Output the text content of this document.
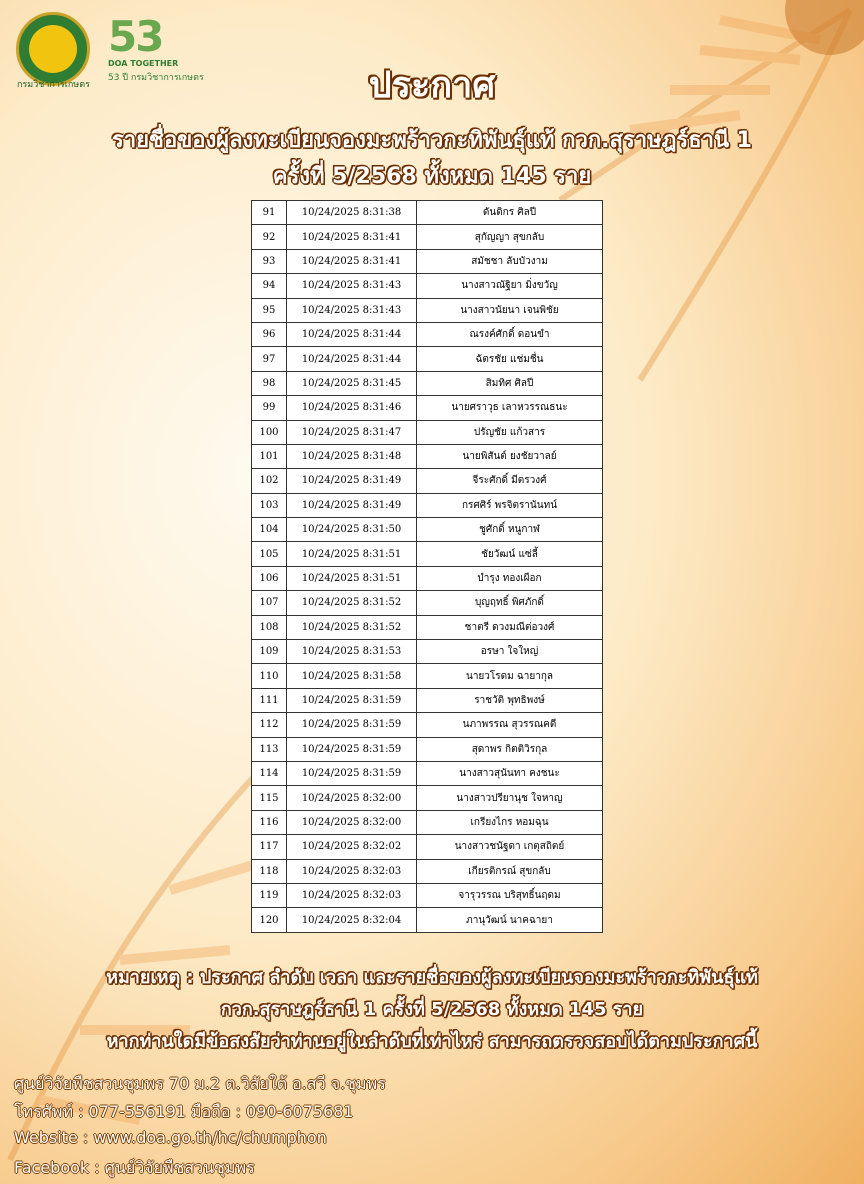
กรมวิชาการเกษตร
53
DOA TOGETHER
53 ปี กรมวิชาการเกษตร	ประกาศ
รายชื่อของผู้ลงทะเบียนจองมะพร้าวกะทิพันธุ์แท้ กวก.สุราษฎร์ธานี 1
ครั้งที่ 5/2568 ทั้งหมด 145 ราย
91	10/24/2025 8:31:38	ดันดิกร ศิลปี
92	10/24/2025 8:31:41	สุกัญญา สุขกลับ
93	10/24/2025 8:31:41	สมัชชา ลับบัวงาม
94	10/24/2025 8:31:43	นางสาวณัฐิยา มิ่งขวัญ
95	10/24/2025 8:31:43	นางสาวนัยนา เจนพิชัย
96	10/24/2025 8:31:44	ณรงค์ศักดิ์ ดอนขำ
97	10/24/2025 8:31:44	ฉัตรชัย แช่มชื่น
98	10/24/2025 8:31:45	สิมทิศ ศิลปี
99	10/24/2025 8:31:46	นายศราวุธ เลาหวรรณธนะ
100	10/24/2025 8:31:47	ปรัญชัย แก้วสาร
101	10/24/2025 8:31:48	นายพิสันต์ ยงชัยวาลย์
102	10/24/2025 8:31:49	จีระศักดิ์ มีตรวงศ์
103	10/24/2025 8:31:49	กรศศิร์ พรจิตรานันทน์
104	10/24/2025 8:31:50	ชูศักดิ์ หนูกาฬ
105	10/24/2025 8:31:51	ชัยวัฒน์ แซ่ลี้
106	10/24/2025 8:31:51	บำรุง ทองเผือก
107	10/24/2025 8:31:52	บุญฤทธิ์ พิศภักดิ์
108	10/24/2025 8:31:52	ชาตรี ดวงมณีต่อวงศ์
109	10/24/2025 8:31:53	อรษา ใจใหญ่
110	10/24/2025 8:31:58	นายวโรดม ฉายากุล
111	10/24/2025 8:31:59	ราชวัติ พุทธิพงษ์
112	10/24/2025 8:31:59	นภาพรรณ สุวรรณคดี
113	10/24/2025 8:31:59	สุดาพร กิตติวิรกุล
114	10/24/2025 8:31:59	นางสาวสุนันทา คงชนะ
115	10/24/2025 8:32:00	นางสาวปรียานุช ใจหาญ
116	10/24/2025 8:32:00	เกรียงไกร หอมฉุน
117	10/24/2025 8:32:02	นางสาวชนัฐดา เกตุสถิตย์
118	10/24/2025 8:32:03	เกียรติกรณ์ สุขกลับ
119	10/24/2025 8:32:03	จารุวรรณ บริสุทธิ์นฤดม
120	10/24/2025 8:32:04	ภานุวัฒน์ นาคฉายา
หมายเหตุ : ประกาศ ลำดับ เวลา และรายชื่อของผู้ลงทะเบียนจองมะพร้าวกะทิพันธุ์แท้
กวก.สุราษฎร์ธานี 1 ครั้งที่ 5/2568 ทั้งหมด 145 ราย
หากท่านใดมีข้อสงสัยว่าท่านอยู่ในลำดับที่เท่าไหร่ สามารถตรวจสอบได้ตามประกาศนี้
ศูนย์วิจัยพืชสวนชุมพร 70 ม.2 ต.วิสัยใต้ อ.สวี จ.ชุมพร
โทรศัพท์ : 077-556191 มือถือ : 090-6075681
Website : www.doa.go.th/hc/chumphon
Facebook : ศูนย์วิจัยพืชสวนชุมพร
